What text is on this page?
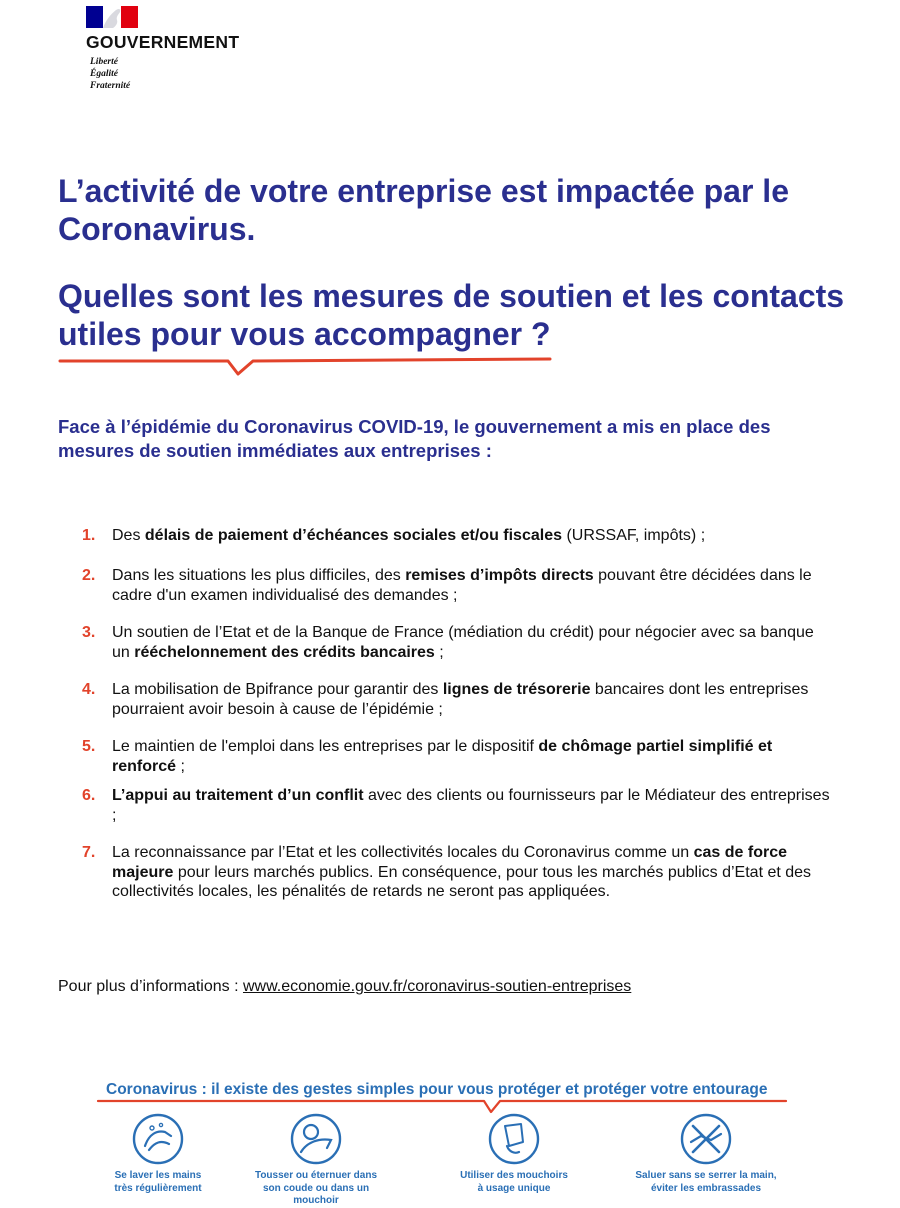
GOUVERNEMENT
Liberté
Égalité
Fraternité
L’activité de votre entreprise est impactée par le Coronavirus.
Quelles sont les mesures de soutien et les contacts utiles pour vous accompagner ?
Face à l’épidémie du Coronavirus COVID-19, le gouvernement a mis en place des mesures de soutien immédiates aux entreprises :
1. Des délais de paiement d’échéances sociales et/ou fiscales (URSSAF, impôts) ;
2. Dans les situations les plus difficiles, des remises d’impôts directs pouvant être décidées dans le cadre d'un examen individualisé des demandes ;
3. Un soutien de l’Etat et de la Banque de France (médiation du crédit) pour négocier avec sa banque un rééchelonnement des crédits bancaires ;
4. La mobilisation de Bpifrance pour garantir des lignes de trésorerie bancaires dont les entreprises pourraient avoir besoin à cause de l’épidémie ;
5. Le maintien de l'emploi dans les entreprises par le dispositif de chômage partiel simplifié et renforcé ;
6. L’appui au traitement d’un conflit avec des clients ou fournisseurs par le Médiateur des entreprises ;
7. La reconnaissance par l’Etat et les collectivités locales du Coronavirus comme un cas de force majeure pour leurs marchés publics. En conséquence, pour tous les marchés publics d’Etat et des collectivités locales, les pénalités de retards ne seront pas appliquées.
Pour plus d’informations : www.economie.gouv.fr/coronavirus-soutien-entreprises
Coronavirus : il existe des gestes simples pour vous protéger et protéger votre entourage
Se laver les mains
très régulièrement
Tousser ou éternuer dans
son coude ou dans un mouchoir
Utiliser des mouchoirs
à usage unique
Saluer sans se serrer la main,
éviter les embrassades
